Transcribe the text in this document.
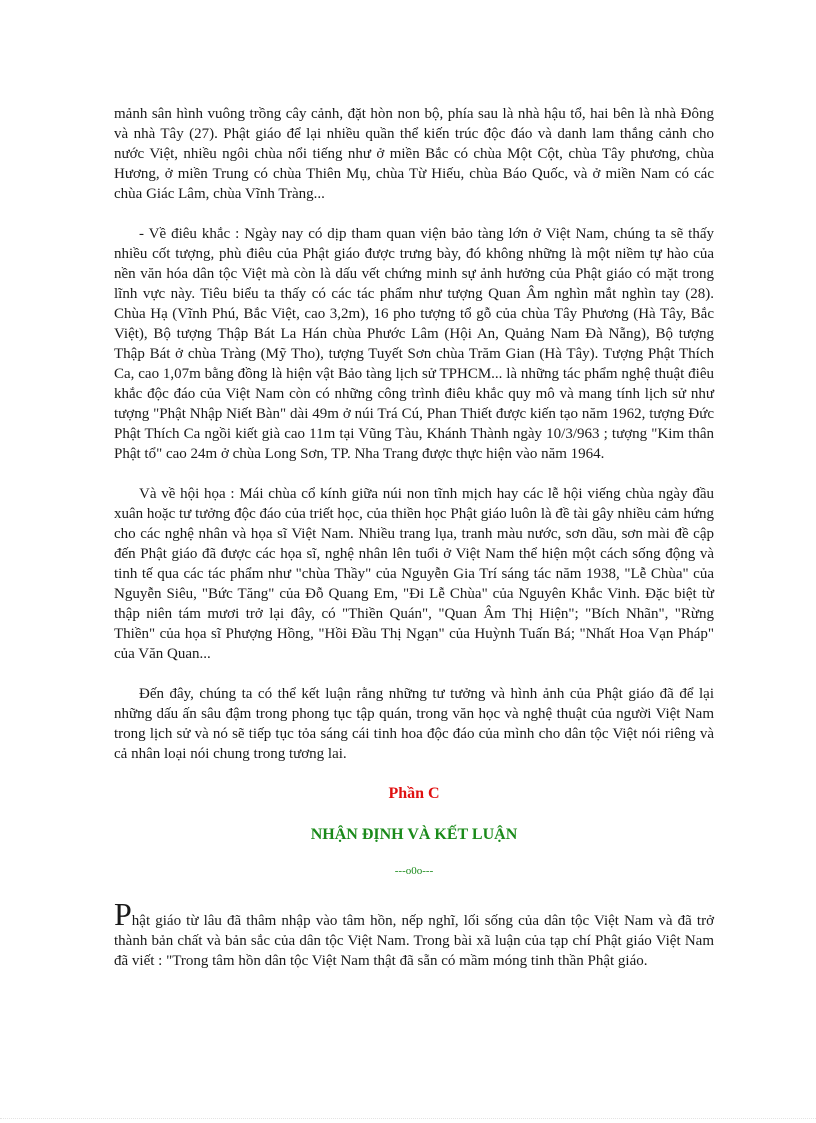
mảnh sân hình vuông trồng cây cảnh, đặt hòn non bộ, phía sau là nhà hậu tổ, hai bên là nhà Đông và nhà Tây (27). Phật giáo để lại nhiều quần thể kiến trúc độc đáo và danh lam thắng cảnh cho nước Việt, nhiều ngôi chùa nổi tiếng như ở miền Bắc có chùa Một Cột, chùa Tây phương, chùa Hương, ở miền Trung có chùa Thiên Mụ, chùa Từ Hiếu, chùa Báo Quốc, và ở miền Nam có các chùa Giác Lâm, chùa Vĩnh Tràng...

- Về điêu khắc : Ngày nay có dịp tham quan viện bảo tàng lớn ở Việt Nam, chúng ta sẽ thấy nhiều cốt tượng, phù điêu của Phật giáo được trưng bày, đó không những là một niềm tự hào của nền văn hóa dân tộc Việt mà còn là dấu vết chứng minh sự ảnh hưởng của Phật giáo có mặt trong lĩnh vực này. Tiêu biểu ta thấy có các tác phẩm như tượng Quan Âm nghìn mắt nghìn tay (28). Chùa Hạ (Vĩnh Phú, Bắc Việt, cao 3,2m), 16 pho tượng tổ gỗ của chùa Tây Phương (Hà Tây, Bắc Việt), Bộ tượng Thập Bát La Hán chùa Phước Lâm (Hội An, Quảng Nam Đà Nẵng), Bộ tượng Thập Bát ở chùa Tràng (Mỹ Tho), tượng Tuyết Sơn chùa Trăm Gian (Hà Tây). Tượng Phật Thích Ca, cao 1,07m bằng đồng là hiện vật Bảo tàng lịch sử TPHCM... là những tác phẩm nghệ thuật điêu khắc độc đáo của Việt Nam còn có những công trình điêu khắc quy mô và mang tính lịch sử như tượng "Phật Nhập Niết Bàn" dài 49m ở núi Trá Cú, Phan Thiết được kiến tạo năm 1962, tượng Đức Phật Thích Ca ngồi kiết già cao 11m tại Vũng Tàu, Khánh Thành ngày 10/3/963 ; tượng "Kim thân Phật tổ" cao 24m ở chùa Long Sơn, TP. Nha Trang được thực hiện vào năm 1964.

Và về hội họa : Mái chùa cổ kính giữa núi non tĩnh mịch hay các lễ hội viếng chùa ngày đầu xuân hoặc tư tưởng độc đáo của triết học, của thiền học Phật giáo luôn là đề tài gây nhiều cảm hứng cho các nghệ nhân và họa sĩ Việt Nam. Nhiều trang lụa, tranh màu nước, sơn dầu, sơn mài đề cập đến Phật giáo đã được các họa sĩ, nghệ nhân lên tuổi ở Việt Nam thể hiện một cách sống động và tinh tế qua các tác phẩm như "chùa Thầy" của Nguyễn Gia Trí sáng tác năm 1938, "Lễ Chùa" của Nguyễn Siêu, "Bức Tăng" của Đỗ Quang Em, "Đi Lễ Chùa" của Nguyên Khắc Vinh. Đặc biệt từ thập niên tám mươi trở lại đây, có "Thiền Quán", "Quan Âm Thị Hiện"; "Bích Nhãn", "Rừng Thiền" của họa sĩ Phượng Hồng, "Hồi Đầu Thị Ngạn" của Huỳnh Tuấn Bá; "Nhất Hoa Vạn Pháp" của Văn Quan...

Đến đây, chúng ta có thể kết luận rằng những tư tưởng và hình ảnh của Phật giáo đã để lại những dấu ấn sâu đậm trong phong tục tập quán, trong văn học và nghệ thuật của người Việt Nam trong lịch sử và nó sẽ tiếp tục tỏa sáng cái tinh hoa độc đáo của mình cho dân tộc Việt nói riêng và cả nhân loại nói chung trong tương lai.

Phần C

NHẬN ĐỊNH VÀ KẾT LUẬN

---o0o---

Phật giáo từ lâu đã thâm nhập vào tâm hồn, nếp nghĩ, lối sống của dân tộc Việt Nam và đã trở thành bản chất và bản sắc của dân tộc Việt Nam. Trong bài xã luận của tạp chí Phật giáo Việt Nam đã viết : "Trong tâm hồn dân tộc Việt Nam thật đã sẵn có mầm móng tinh thần Phật giáo.
